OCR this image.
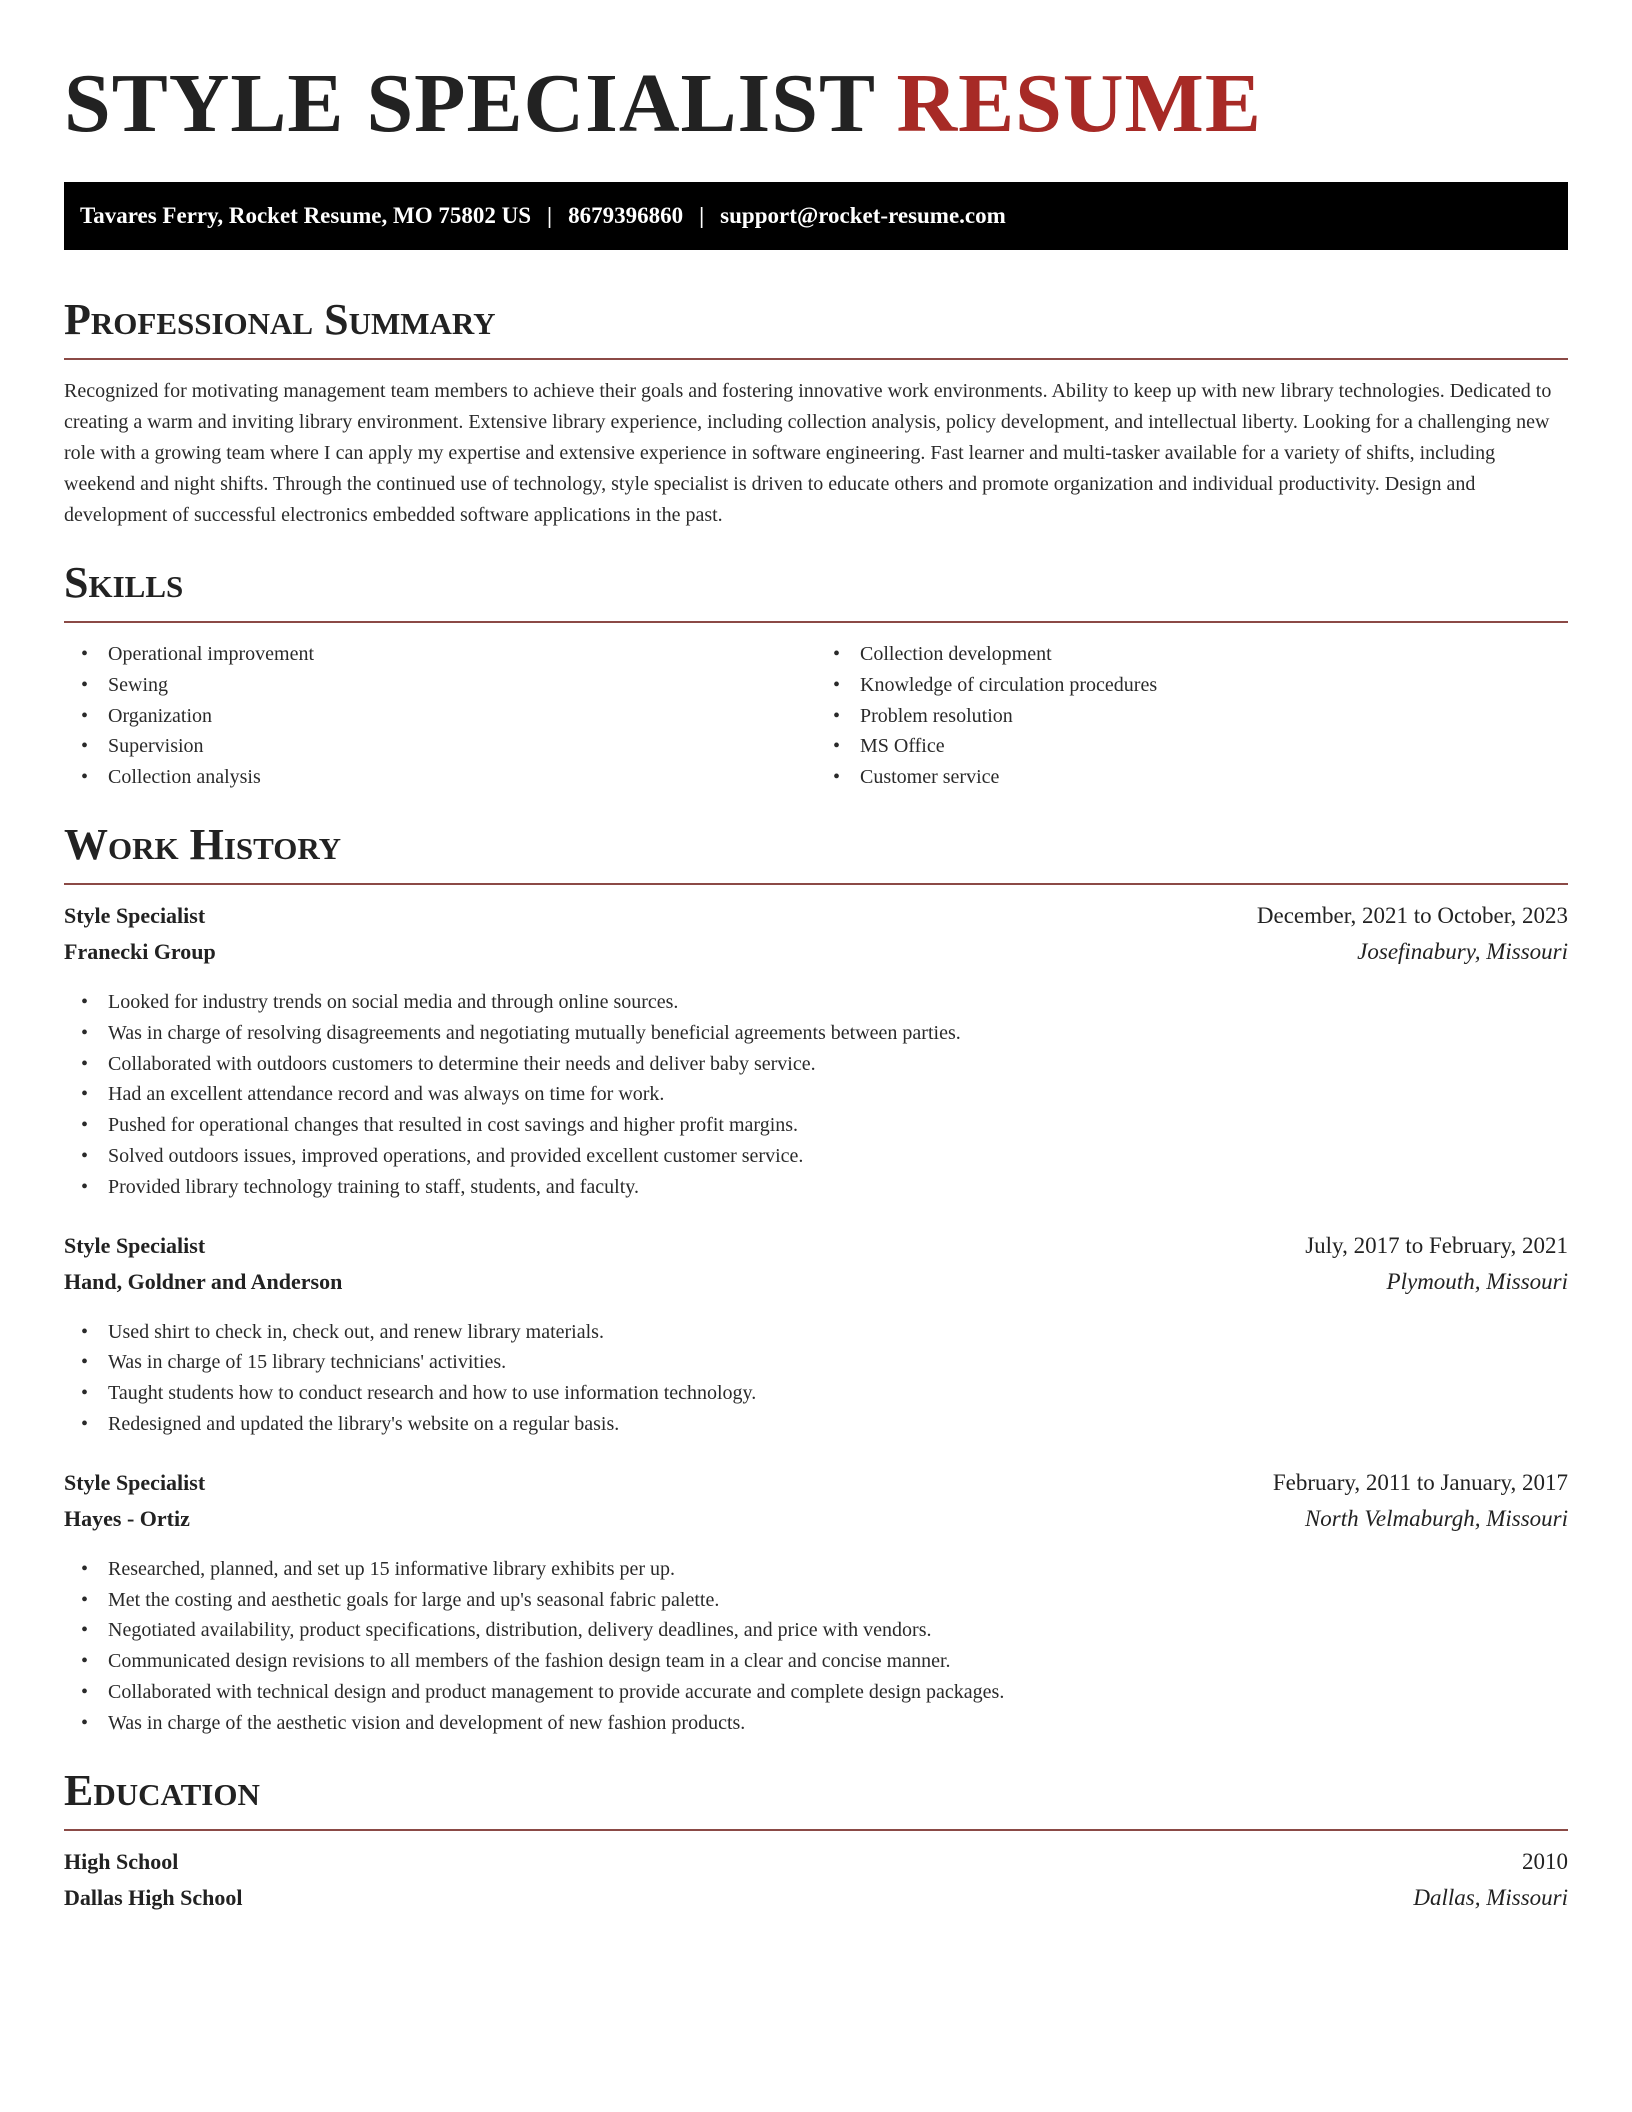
STYLE SPECIALIST RESUME
Tavares Ferry, Rocket Resume, MO 75802 US | 8679396860 | support@rocket-resume.com
Professional Summary

Recognized for motivating management team members to achieve their goals and fostering innovative work environments. Ability to keep up with new library technologies. Dedicated to creating a warm and inviting library environment. Extensive library experience, including collection analysis, policy development, and intellectual liberty. Looking for a challenging new role with a growing team where I can apply my expertise and extensive experience in software engineering. Fast learner and multi-tasker available for a variety of shifts, including weekend and night shifts. Through the continued use of technology, style specialist is driven to educate others and promote organization and individual productivity. Design and development of successful electronics embedded software applications in the past.

Skills
• Operational improvement
• Sewing
• Organization
• Supervision
• Collection analysis
• Collection development
• Knowledge of circulation procedures
• Problem resolution
• MS Office
• Customer service
Work History
Style Specialist	December, 2021 to October, 2023
Franecki Group	Josefinabury, Missouri
• Looked for industry trends on social media and through online sources.
• Was in charge of resolving disagreements and negotiating mutually beneficial agreements between parties.
• Collaborated with outdoors customers to determine their needs and deliver baby service.
• Had an excellent attendance record and was always on time for work.
• Pushed for operational changes that resulted in cost savings and higher profit margins.
• Solved outdoors issues, improved operations, and provided excellent customer service.
• Provided library technology training to staff, students, and faculty.
Style Specialist	July, 2017 to February, 2021
Hand, Goldner and Anderson	Plymouth, Missouri
• Used shirt to check in, check out, and renew library materials.
• Was in charge of 15 library technicians' activities.
• Taught students how to conduct research and how to use information technology.
• Redesigned and updated the library's website on a regular basis.
Style Specialist	February, 2011 to January, 2017
Hayes - Ortiz	North Velmaburgh, Missouri
• Researched, planned, and set up 15 informative library exhibits per up.
• Met the costing and aesthetic goals for large and up's seasonal fabric palette.
• Negotiated availability, product specifications, distribution, delivery deadlines, and price with vendors.
• Communicated design revisions to all members of the fashion design team in a clear and concise manner.
• Collaborated with technical design and product management to provide accurate and complete design packages.
• Was in charge of the aesthetic vision and development of new fashion products.
Education
High School	2010
Dallas High School	Dallas, Missouri
